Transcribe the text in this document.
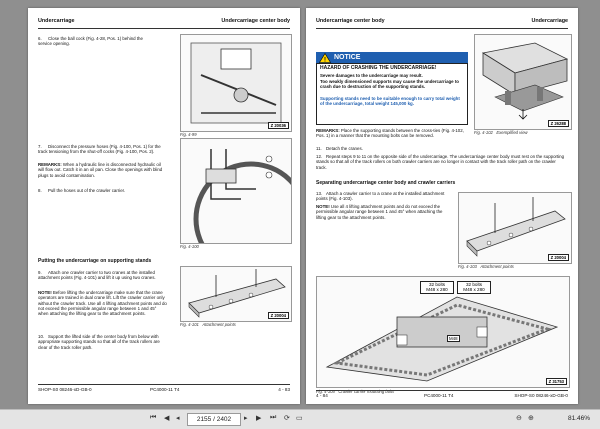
Undercarriage	Undercarriage center body
6. Close the ball cock (Fig. 4-28, Pos. 1) behind the service opening.
Z 20036
Fig. 4-99
7. Disconnect the pressure hoses (Fig. 4-100, Pos. 1) for the track tensioning from the shut-off cocks (Fig. 4-100, Pos. 2).
REMARKS: When a hydraulic line is disconnected hydraulic oil will flow out. Catch it in an oil pan. Close the openings with blind plugs to avoid contamination.
8. Pull the hoses out of the crawler carrier.
Fig. 4-100
Putting the undercarriage on supporting stands
9. Attach one crawler carrier to two cranes at the installed attachment points (Fig. 4-101) and lift it up using two cranes.
NOTE! Before lifting the undercarriage make sure that the crane operators are trained in dual crane lift. Lift the crawler carrier only without the crawler track. Use all 4 lifting attachment points and do not exceed the permissible angular range between 1 and 45° when attaching the lifting gear to the attachment points.	Z 20004
Fig. 4-101 Attachment points
10. Support the lifted side of the center body from below with appropriate supporting stands so that all of the track rollers are clear of the track roller path.
SHOP-S0 08246-xD-GB-0	PC4000-11 T4	4 - 83
Undercarriage center body	Undercarriage
NOTICE
!
HAZARD OF CRASHING THE UNDERCARRIAGE!
Severe damages to the undercarriage may result.
Too weakly dimensioned supports may cause the undercarriage to crash due to destruction of the supporting stands.
Supporting stands need to be suitable enough to carry total weight of the undercarriage, total weight 145,000 kg.
Z 26288
Fig. 4-102 Exemplified view
REMARKS: Place the supporting stands between the cross-ties (Fig. 4-102, Pos. 1) in a manner that the mounting bolts can be removed.
11. Detach the cranes.
12. Repeat steps 9 to 11 on the opposite side of the undercarriage. The undercarriage center body must rest on the supporting stands so that all of the track rollers on both crawler carriers are no longer in contact with the track roller path on the crawler track.
Separating undercarriage center body and crawler carriers
13. Attach a crawler carrier to a crane at the installed attachment points (Fig. 4-103).
NOTE! Use all 4 lifting attachment points and do not exceed the permissible angular range between 1 and 45° when attaching the lifting gear to the attachment points.
Z 20004
Fig. 4-103 Attachment points
32 bolts
M48 x 280
32 bolts
M48 x 280
M48
Z 31753
Fig. 4-104 Crawler carrier mounting bolts
4 - 84	PC4000-11 T4	SHOP-S0 08246-xD-GB-0
⏮ ◀ ◂	2155 / 2402	▸ ▶ ⏭ ⟳ ▭	⊖ ⊕	81.46%
